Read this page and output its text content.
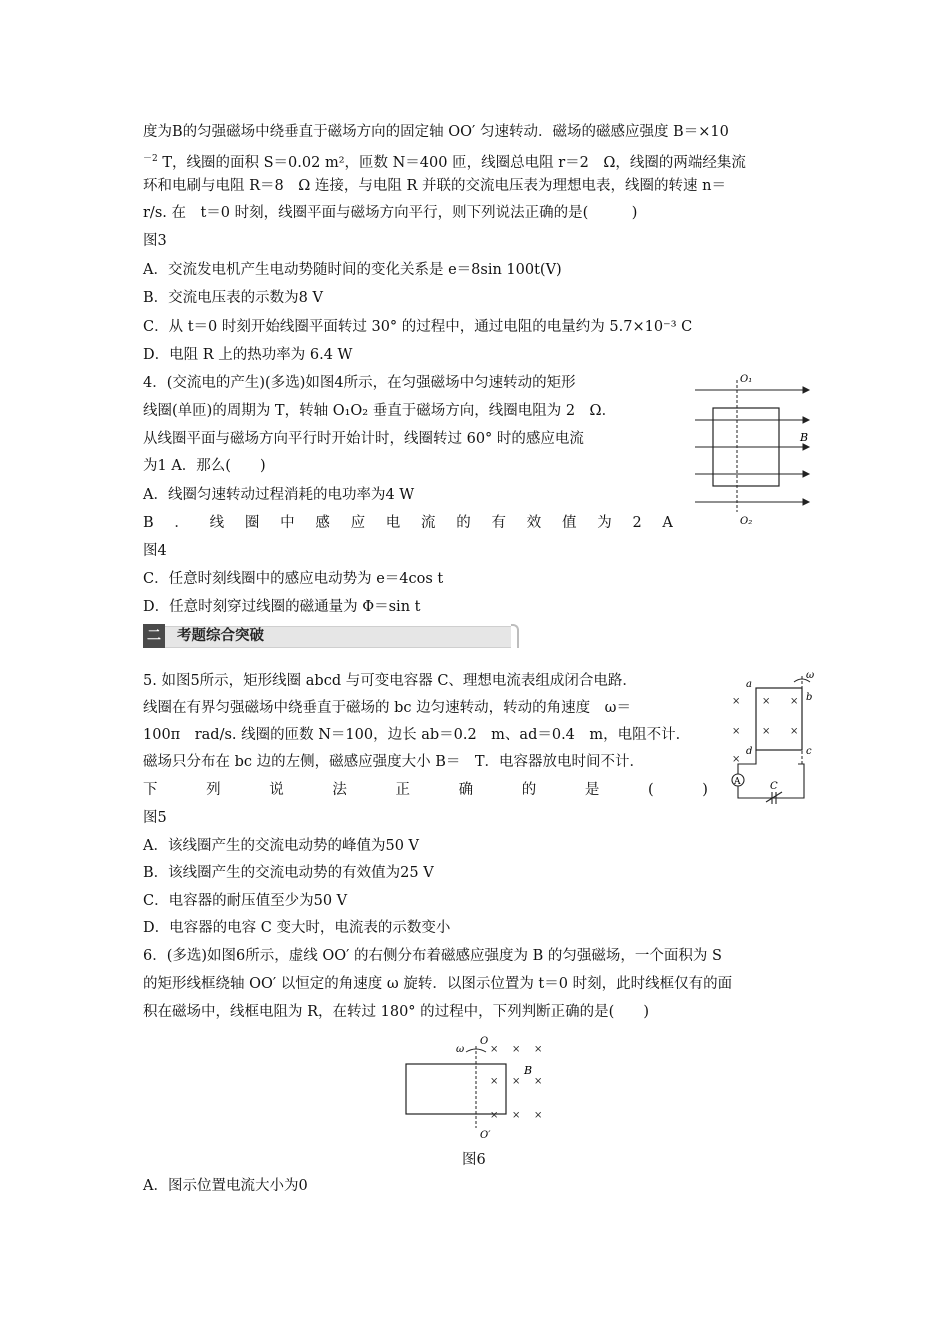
度为B的匀强磁场中绕垂直于磁场方向的固定轴 OO′ 匀速转动．磁场的磁感应强度 B＝×10
$^{-2}$ T，线圈的面积 S＝0.02 m²，匝数 N＝400 匝，线圈总电阻 r＝2　Ω，线圈的两端经集流
环和电刷与电阻 R＝8　Ω 连接，与电阻 R 并联的交流电压表为理想电表，线圈的转速 n＝
r/s. 在　t＝0 时刻，线圈平面与磁场方向平行，则下列说法正确的是(　　　)
图3
A．交流发电机产生电动势随时间的变化关系是 e＝8sin 100t(V)
B．交流电压表的示数为8 V
C．从 t＝0 时刻开始线圈平面转过 30° 的过程中，通过电阻的电量约为 5.7×10⁻³ C
D．电阻 R 上的热功率为 6.4 W
4．(交流电的产生)(多选)如图4所示，在匀强磁场中匀速转动的矩形
线圈(单匝)的周期为 T，转轴 O₁O₂ 垂直于磁场方向，线圈电阻为 2　Ω．
从线圈平面与磁场方向平行时开始计时，线圈转过 60° 时的感应电流
为1 A．那么(　　)
A．线圈匀速转动过程消耗的电功率为4 W
B ． 线 圈 中 感 应 电 流 的 有 效 值 为 2 A
图4
C．任意时刻线圈中的感应电动势为 e＝4cos t
D．任意时刻穿过线圈的磁通量为 Φ＝sin t
O₁
O₂
B
二 考题综合突破
5. 如图5所示，矩形线圈 abcd 与可变电容器 C、理想电流表组成闭合电路．
线圈在有界匀强磁场中绕垂直于磁场的 bc 边匀速转动，转动的角速度　ω＝
100π　rad/s. 线圈的匝数 N＝100，边长 ab＝0.2　m、ad＝0.4　m，电阻不计．
磁场只分布在 bc 边的左侧，磁感应强度大小 B＝　T．电容器放电时间不计．
下	列	说	法	正	确	的	是	(	)
图5
A．该线圈产生的交流电动势的峰值为50 V
B．该线圈产生的交流电动势的有效值为25 V
C．电容器的耐压值至少为50 V
D．电容器的电容 C 变大时，电流表的示数变小
× × ×
× × ×
×
a
b
c
d
ω
A	C
6．(多选)如图6所示，虚线 OO′ 的右侧分布着磁感应强度为 B 的匀强磁场，一个面积为 S
的矩形线框绕轴 OO′ 以恒定的角速度 ω 旋转．以图示位置为 t＝0 时刻，此时线框仅有的面
积在磁场中，线框电阻为 R，在转过 180° 的过程中，下列判断正确的是(　　)
× × ×
× × ×
× × ×
O
O′
ω
B
图6
A．图示位置电流大小为0
